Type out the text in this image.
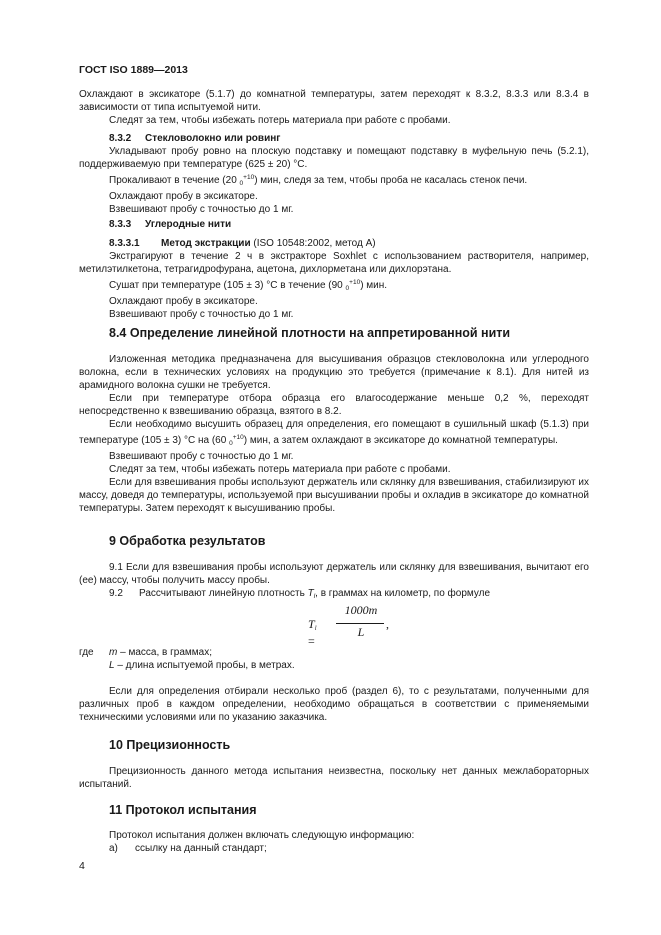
ГОСТ ISO 1889—2013

Охлаждают в эксикаторе (5.1.7) до комнатной температуры, затем переходят к 8.3.2, 8.3.3 или 8.3.4 в зависимости от типа испытуемой нити.

Следят за тем, чтобы избежать потерь материала при работе с пробами.

8.3.2 Стекловолокно или ровинг

Укладывают пробу ровно на плоскую подставку и помещают подставку в муфельную печь (5.2.1), поддерживаемую при температуре (625 ± 20) °С.

Прокаливают в течение (20 $_0^{+10}$) мин, следя за тем, чтобы проба не касалась стенок печи.

Охлаждают пробу в эксикаторе.

Взвешивают пробу с точностью до 1 мг.

8.3.3 Углеродные нити

8.3.3.1 Метод экстракции (ISO 10548:2002, метод А)

Экстрагируют в течение 2 ч в экстракторе Soxhlet с использованием растворителя, например, метилэтилкетона, тетрагидрофурана, ацетона, дихлорметана или дихлорэтана.

Сушат при температуре (105 ± 3) °С в течение (90 $_0^{+10}$) мин.

Охлаждают пробу в эксикаторе.

Взвешивают пробу с точностью до 1 мг.

8.4 Определение линейной плотности на аппретированной нити

Изложенная методика предназначена для высушивания образцов стекловолокна или углеродного волокна, если в технических условиях на продукцию это требуется (примечание к 8.1). Для нитей из арамидного волокна сушки не требуется.

Если при температуре отбора образца его влагосодержание меньше 0,2 %, переходят непосредственно к взвешиванию образца, взятого в 8.2.

Если необходимо высушить образец для определения, его помещают в сушильный шкаф (5.1.3) при температуре (105 ± 3) °С на (60 $_0^{+10}$) мин, а затем охлаждают в эксикаторе до комнатной температуры.

Взвешивают пробу с точностью до 1 мг.

Следят за тем, чтобы избежать потерь материала при работе с пробами.

Если для взвешивания пробы используют держатель или склянку для взвешивания, стабилизируют их массу, доведя до температуры, используемой при высушивании пробы и охладив в эксикаторе до комнатной температуры. Затем переходят к высушиванию пробы.

9 Обработка результатов

9.1 Если для взвешивания пробы используют держатель или склянку для взвешивания, вычитают его (ее) массу, чтобы получить массу пробы.

9.2 Рассчитывают линейную плотность $T_l$, в граммах на километр, по формуле

Tl =
1000m
L
,
где m – масса, в граммах;
L – длина испытуемой пробы, в метрах.

Если для определения отбирали несколько проб (раздел 6), то с результатами, полученными для различных проб в каждом определении, необходимо обращаться в соответствии с применяемыми техническими условиями или по указанию заказчика.

10 Прецизионность

Прецизионность данного метода испытания неизвестна, поскольку нет данных межлабораторных испытаний.

11 Протокол испытания

Протокол испытания должен включать следующую информацию:

а) ссылку на данный стандарт;

4
